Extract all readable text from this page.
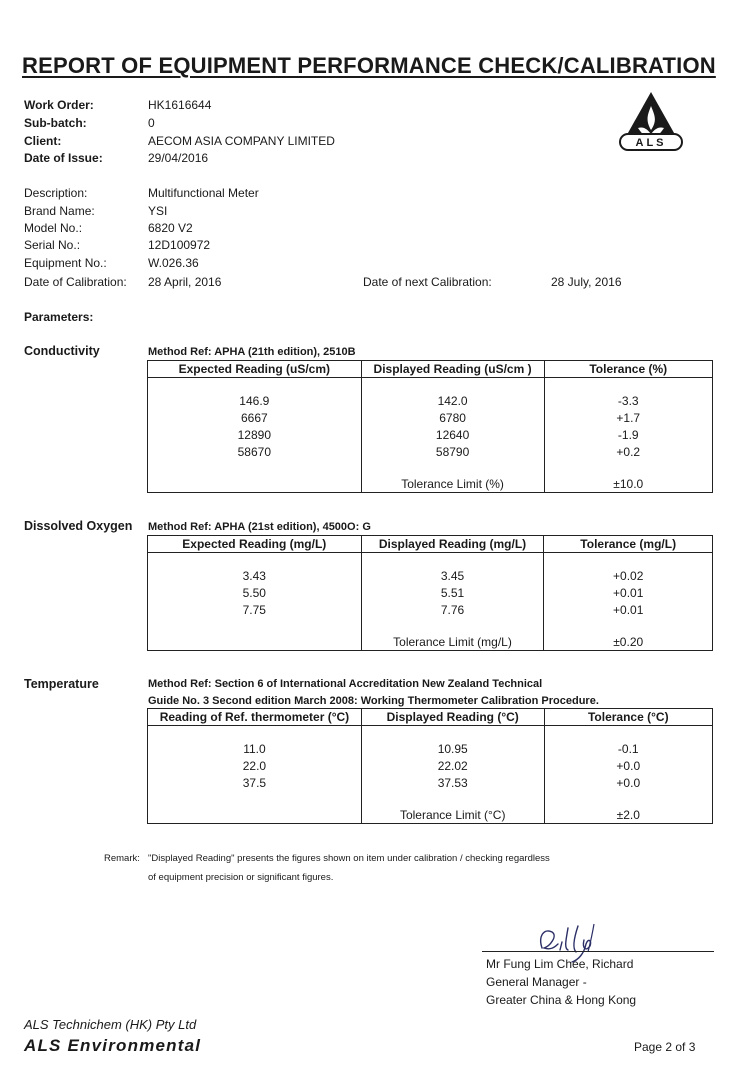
REPORT OF EQUIPMENT PERFORMANCE CHECK/CALIBRATION
ALS
Work Order:	HK1616644
Sub-batch:	0
Client:	AECOM ASIA COMPANY LIMITED
Date of Issue:	29/04/2016
Description:	Multifunctional Meter
Brand Name:	YSI
Model No.:	6820 V2
Serial No.:	12D100972
Equipment No.:	W.026.36
Date of Calibration: 28 April, 2016	Date of next Calibration:	28 July, 2016
Parameters:
Conductivity	Method Ref: APHA (21th edition), 2510B
Expected Reading (uS/cm)	Displayed Reading (uS/cm )	Tolerance (%)

146.9	142.0	-3.3
6667	6780	+1.7
12890	12640	-1.9
58670	58790	+0.2

	Tolerance Limit (%)	±10.0
Dissolved Oxygen Method Ref: APHA (21st edition), 4500O: G
Expected Reading (mg/L)	Displayed Reading (mg/L)	Tolerance (mg/L)

3.43	3.45	+0.02
5.50	5.51	+0.01
7.75	7.76	+0.01

	Tolerance Limit (mg/L)	±0.20
Temperature	Method Ref: Section 6 of International Accreditation New Zealand Technical
Guide No. 3 Second edition March 2008: Working Thermometer Calibration Procedure.
Reading of Ref. thermometer (°C)	Displayed Reading (°C)	Tolerance (°C)

11.0	10.95	-0.1
22.0	22.02	+0.0
37.5	37.53	+0.0

	Tolerance Limit (°C)	±2.0
Remark: "Displayed Reading" presents the figures shown on item under calibration / checking regardless
of equipment precision or significant figures.
Mr Fung Lim Chee, Richard
General Manager -
Greater China & Hong Kong
ALS Technichem (HK) Pty Ltd
ALS Environmental	Page 2 of 3
